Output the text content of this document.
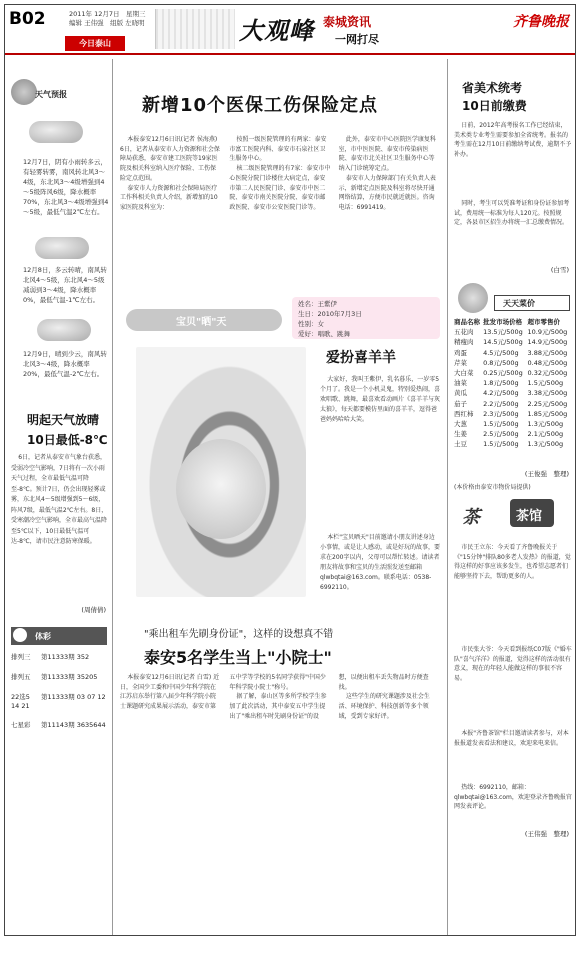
B02	2011年 12月7日　星期三
编辑 王伟强　组版 左晓明
今日泰山	大观峰 泰城资讯
一网打尽
齐鲁晚报
天气预报
12月7日，阴有小雨转多云，有轻雾转雾，南风转北风3～4级，东北风3～4级增强到4～5级阵风6级，降水概率70%，东北风3～4级增强到4～5级，最低气温2℃左右。
12月8日，多云转晴，南风转北风4～5级，东北风4～5级减弱到3～4级，降水概率0%，最低气温-1℃左右。
12月9日，晴到少云，南风转北风3～4级，降水概率20%，最低气温-2℃左右。
明起天气放晴
10日最低-8℃
6日，记者从泰安市气象台获悉，受弱冷空气影响，7日将有一次小雨天气过程，全市最低气温可降至-8℃。预计7日，仍会出现轻雾或雾，东北风4～5级增强到5～6级，阵风7级，最低气温2℃左右。8日，受寒潮冷空气影响，全市最高气温降至5℃以下，10日最低气温可达-8℃，请市民注意防寒保暖。
(周倩倩)
体彩
排列三 第11333期 352
排列五 第11333期 35205
22选5 第11333期 03 07 12 14 21
七星彩 第11143期 3635644
新增10个医保工伤保险定点

本报泰安12月6日讯(记者 侯海燕) 6日，记者从泰安市人力资源和社会保障局获悉，泰安市建工医院等19家医院及相关科室纳入医疗保险、工伤保险定点范围。

泰安市人力资源和社会保障局医疗工作科相关负责人介绍，新增加的10家医院及科室为：

按照一级医院管理的有两家：泰安市富工医院内科、泰安市石泉社区卫生服务中心。

核二级医院管理的有7家：泰安市中心医院分院门诊楼住大病定点，泰安市第二人民医院门诊、泰安市中医二院、泰安市南关医院分院、泰安市邮政医院、泰安市公安医院门诊等。

此外，泰安市中心医院医学康复科室，市中医医院、泰安市传染病医院、泰安市北关社区卫生服务中心等纳入门诊统筹定点。

泰安市人力保障部门有关负责人表示，新增定点医院及科室将尽快开通网络结算，方便市民就近就医。咨询电话：6991419。

宝贝"晒"天
姓名：王紫伊
生日：2010年7月3日
性别：女
爱好：唱歌、跳舞
爱扮喜羊羊
大家好，我叫王紫伊，乳名暮乐，一岁零5个月了。我是一个小机灵鬼，特别爱热闹，喜欢唱歌、跳舞，最喜欢看动画片《喜羊羊与灰太狼》，每天都要模仿里面的喜羊羊，逗得爸爸妈妈哈哈大笑。
本栏"宝贝晒天"目前邀请小朋友讲述身边小事情，或是让人感动，或是好玩的故事，要求在200字以内，父母可以帮忙转述。请读者朋友将故事和宝贝的生活照发送至邮箱qlwbqtai@163.com。联系电话：0538-6992110。
"乘出租车先刷身份证"，这样的设想真不错
泰安5名学生当上"小院士"

本报泰安12月6日讯(记者 白雪) 近日，全国少工委和中国少年科学院在江苏启东举行第八届少年科学院小院士课题研究成果展示活动，泰安市第五中学等学校的5名同学获得"中国少年科学院小院士"称号。

据了解，泰山区等多所学校学生参加了此次活动，其中泰安五中学生提出了"乘出租车时先刷身份证"的设想，以便出租车丢失物品时方便查找。

这些学生的研究课题涉及社会生活、环境保护、科技创新等多个领域，受到专家好评。

省美术统考
10日前缴费
日前，2012年高考报名工作已经结束，美术类专业考生需要参加全省统考。报名的考生需在12月10日前缴纳考试费，逾期不予补办。
同时，考生可以凭准考证和身份证参加考试，费用统一标准为每人120元。按照规定，各县市区招生办将统一汇总缴费情况。
(白雪)
天天菜价
商品名称	批发市场价格	超市零售价
五花肉	13.5元/500g	10.9元/500g
精瘦肉	14.5元/500g	14.9元/500g
鸡蛋	4.5元/500g	3.88元/500g
芹菜	0.8元/500g	0.48元/500g
大白菜	0.25元/500g	0.32元/500g
油菜	1.8元/500g	1.5元/500g
黄瓜	4.2元/500g	3.38元/500g
茄子	2.2元/500g	2.25元/500g
西红柿	2.3元/500g	1.85元/500g
大葱	1.5元/500g	1.3元/500g
生姜	2.5元/500g	2.1元/500g
土豆	1.5元/500g	1.3元/500g
(本价格由泰安市物价局提供)
(王俊强　整理)
茶	茶馆
市民王立东：今天看了齐鲁晚报关于《"15分钟"排队80多老人发热》的报道，觉得这样的好事应该多发生，也希望志愿者们能够坚持下去，帮助更多的人。
市民张大爷：今天看到报纸C07版《"婚车队"喜气洋洋》的报道，觉得这样的活动很有意义，现在的年轻人能做这样的事很不容易。
本报"齐鲁茶馆"栏目邀请读者参与，对本报报道发表看法和建议，欢迎来电来信。
热线：6992110，邮箱：qlwbqtai@163.com，欢迎登录齐鲁晚报官网发表评论。
(王伟强　整理)
